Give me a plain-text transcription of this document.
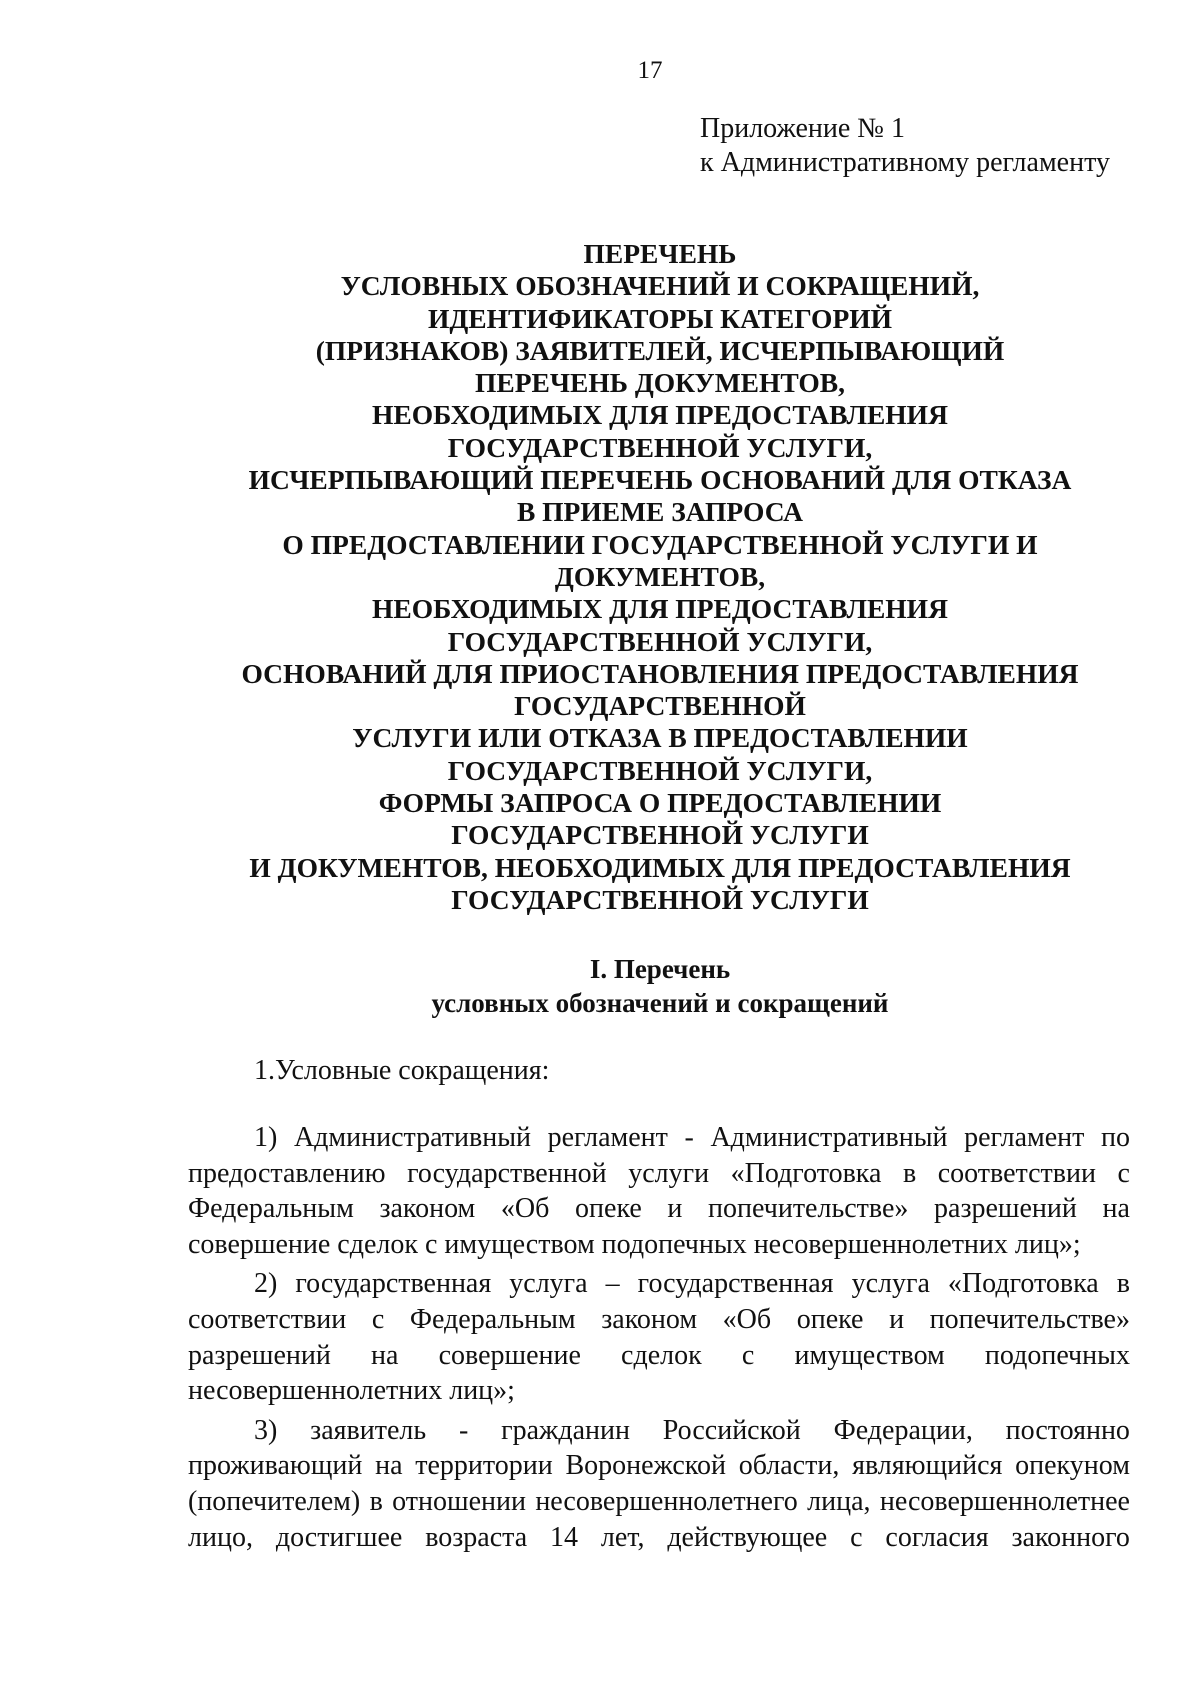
17
Приложение № 1
к Административному регламенту
ПЕРЕЧЕНЬ
УСЛОВНЫХ ОБОЗНАЧЕНИЙ И СОКРАЩЕНИЙ,
ИДЕНТИФИКАТОРЫ КАТЕГОРИЙ
(ПРИЗНАКОВ) ЗАЯВИТЕЛЕЙ, ИСЧЕРПЫВАЮЩИЙ
ПЕРЕЧЕНЬ ДОКУМЕНТОВ,
НЕОБХОДИМЫХ ДЛЯ ПРЕДОСТАВЛЕНИЯ
ГОСУДАРСТВЕННОЙ УСЛУГИ,
ИСЧЕРПЫВАЮЩИЙ ПЕРЕЧЕНЬ ОСНОВАНИЙ ДЛЯ ОТКАЗА
В ПРИЕМЕ ЗАПРОСА
О ПРЕДОСТАВЛЕНИИ ГОСУДАРСТВЕННОЙ УСЛУГИ И
ДОКУМЕНТОВ,
НЕОБХОДИМЫХ ДЛЯ ПРЕДОСТАВЛЕНИЯ
ГОСУДАРСТВЕННОЙ УСЛУГИ,
ОСНОВАНИЙ ДЛЯ ПРИОСТАНОВЛЕНИЯ ПРЕДОСТАВЛЕНИЯ
ГОСУДАРСТВЕННОЙ
УСЛУГИ ИЛИ ОТКАЗА В ПРЕДОСТАВЛЕНИИ
ГОСУДАРСТВЕННОЙ УСЛУГИ,
ФОРМЫ ЗАПРОСА О ПРЕДОСТАВЛЕНИИ
ГОСУДАРСТВЕННОЙ УСЛУГИ
И ДОКУМЕНТОВ, НЕОБХОДИМЫХ ДЛЯ ПРЕДОСТАВЛЕНИЯ
ГОСУДАРСТВЕННОЙ УСЛУГИ
I. Перечень
условных обозначений и сокращений
1.Условные сокращения:
1) Административный регламент - Административный регламент по
предоставлению государственной услуги «Подготовка в соответствии с
Федеральным законом «Об опеке и попечительстве» разрешений на
совершение сделок с имуществом подопечных несовершеннолетних лиц»;
2) государственная услуга – государственная услуга «Подготовка в
соответствии с Федеральным законом «Об опеке и попечительстве»
разрешений на совершение сделок с имуществом подопечных
несовершеннолетних лиц»;
3) заявитель - гражданин Российской Федерации, постоянно
проживающий на территории Воронежской области, являющийся опекуном
(попечителем) в отношении несовершеннолетнего лица, несовершеннолетнее
лицо, достигшее возраста 14 лет, действующее с согласия законного
